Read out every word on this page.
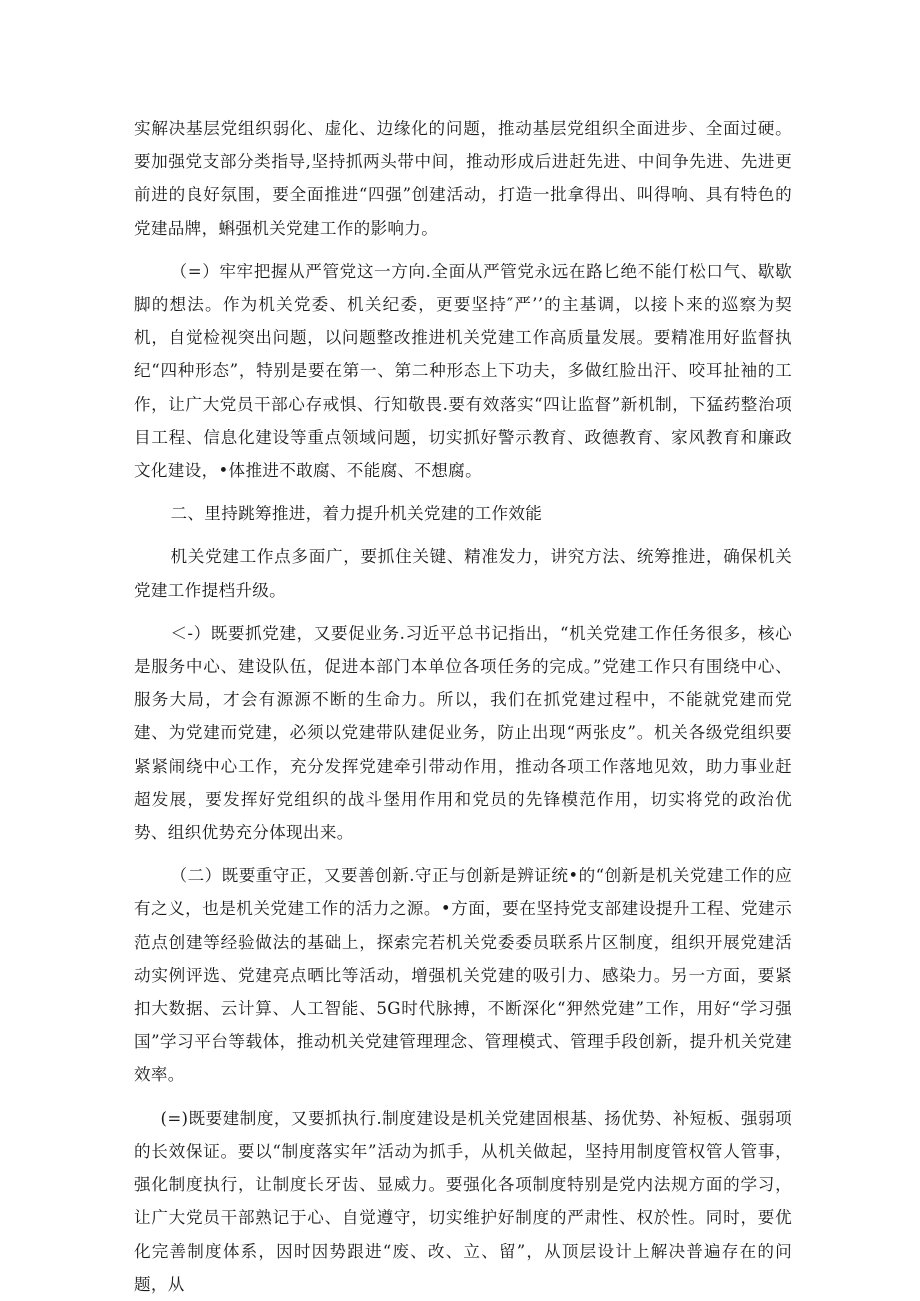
实解决基层党组织弱化、虚化、边缘化的问题，推动基层党组织全面进步、全面过硬。要加强党支部分类指导,坚持抓两头带中间，推动形成后进赶先进、中间争先进、先进更前进的良好氛围，要全面推进“四强”创建活动，打造一批拿得出、叫得响、具有特色的党建品牌，蝌强机关党建工作的影响力。

（=）牢牢把握从严管党这一方向.全面从严管党永远在路匕绝不能仃松口气、歇歇脚的想法。作为机关党委、机关纪委，更要坚持″严’’的主基调，以接卜来的巡察为契机，自觉检视突出问题，以问题整改推进机关党建工作高质量发展。要精准用好监督执纪“四种形态”，特别是要在第一、第二种形态上下功夫，多做红脸出汗、咬耳扯袖的工作，让广大党员干部心存戒惧、行知敬畏.要有效落实“四让监督”新机制，下猛药整治项目工程、信息化建设等重点领域问题，切实抓好警示教育、政德教育、家风教育和廉政文化建设，•体推进不敢腐、不能腐、不想腐。

二、里持跳筹推进，着力提升机关党建的工作效能

机关党建工作点多面广，要抓住关键、精准发力，讲究方法、统筹推进，确保机关党建工作提档升级。

＜-）既要抓党建，又要促业务.习近平总书记指出，“机关党建工作任务很多，核心是服务中心、建设队伍，促进本部门本单位各项任务的完成。”党建工作只有围绕中心、服务大局，才会有源源不断的生命力。所以，我们在抓党建过程中，不能就党建而党建、为党建而党建，必须以党建带队建促业务，防止出现“两张皮”。机关各级党组织要紧紧闹绕中心工作，充分发挥党建牵引带动作用，推动各项工作落地见效，助力事业赶超发展，要发挥好党组织的战斗堡用作用和党员的先锋模范作用，切实将党的政治优势、组织优势充分体现出来。

（二）既要重守正，又要善创新.守正与创新是辨证统•的“创新是机关党建工作的应有之义，也是机关党建工作的活力之源。•方面，要在坚持党支部建设提升工程、党建示范点创建等经验做法的基础上，探索完若机关党委委员联系片区制度，组织开展党建活动实例评选、党建亮点晒比等活动，增强机关党建的吸引力、感染力。另一方面，要紧扣大数据、云计算、人工智能、5G时代脉搏，不断深化“狎然党建”工作，用好“学习强国”学习平台等载体，推动机关党建管理理念、管理模式、管理手段创新，提升机关党建效率。

(=)既要建制度，又要抓执行.制度建设是机关党建固根基、扬优势、补短板、强弱项的长效保证。要以“制度落实年”活动为抓手，从机关做起，坚持用制度管权管人管事，强化制度执行，让制度长牙齿、显威力。要强化各项制度特别是党内法规方面的学习，让广大党员干部熟记于心、自觉遵守，切实维护好制度的严肃性、权於性。同时，要优化完善制度体系，因时因势跟进“废、改、立、留”，从顶层设计上解决普遍存在的问题，从
